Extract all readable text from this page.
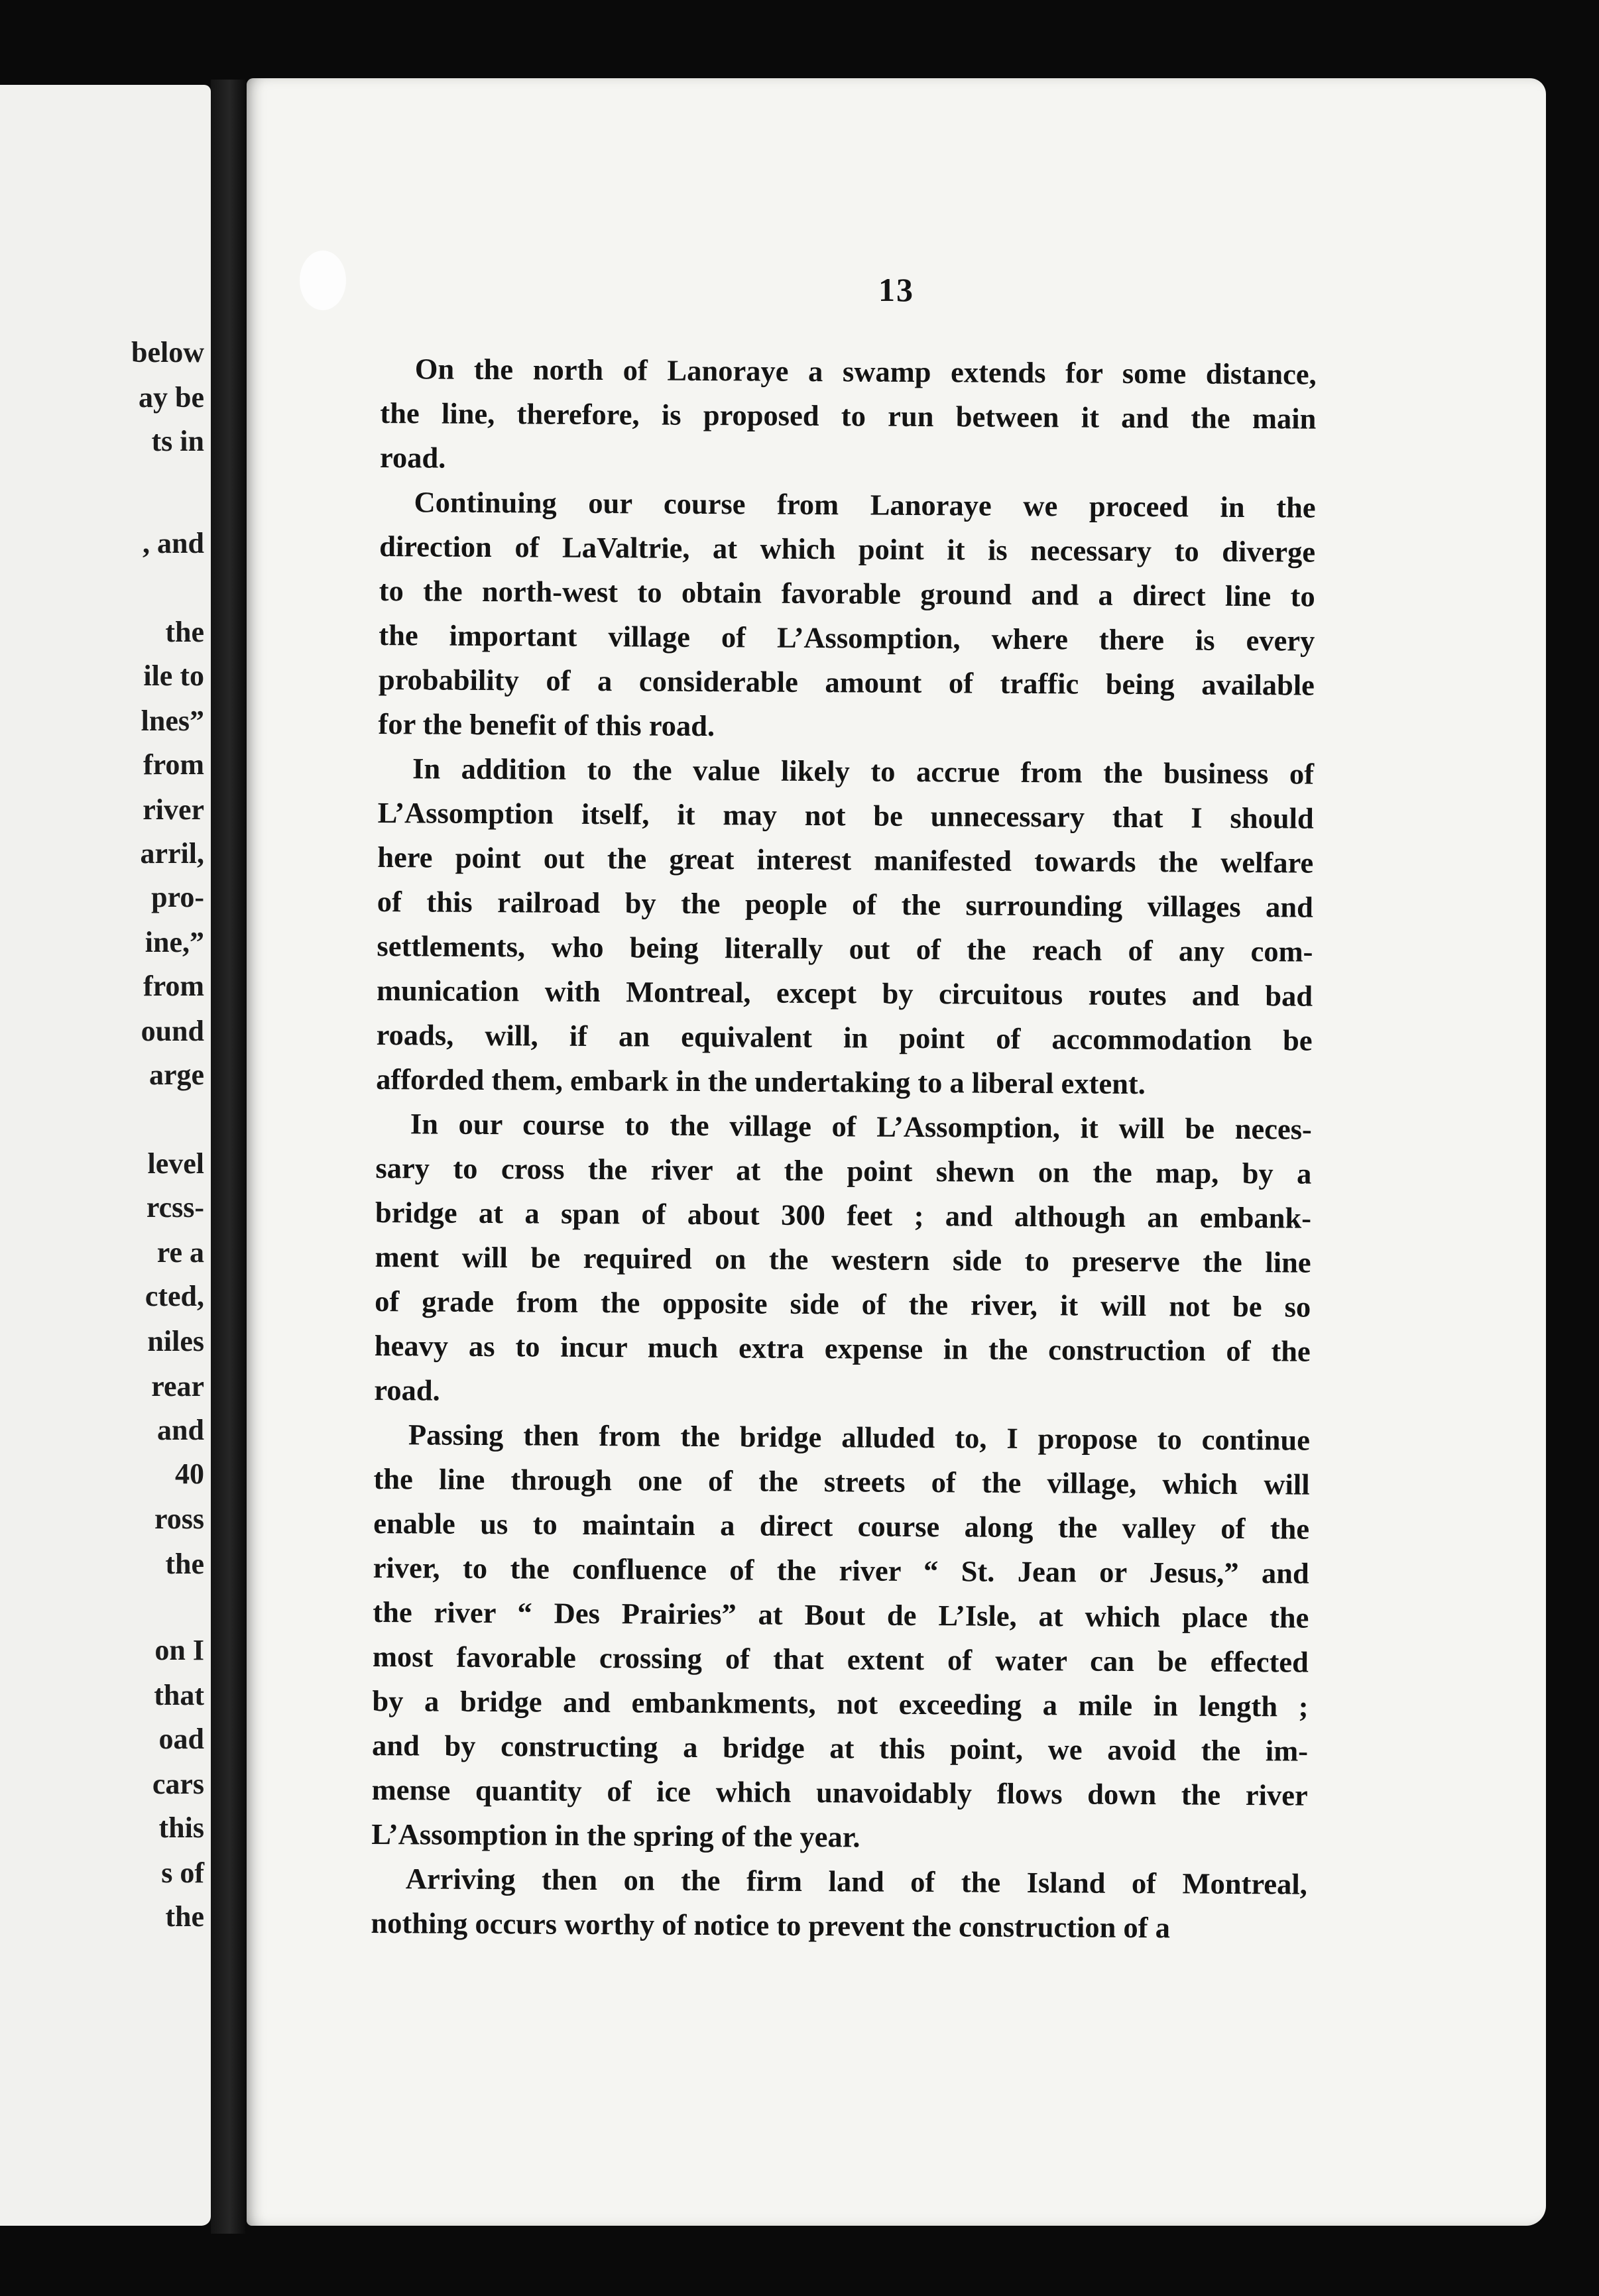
below
ay be
ts in
, and
the
ile to
lnes”
from
river
arril,
pro-
ine,”
from
ound
arge
level
rcss-
re a
cted,
niles
rear
and
40
ross
the
on I
that
oad
cars
this
s of
the
13

On the north of Lanoraye a swamp extends for some distance,
the line, therefore, is proposed to run between it and the main
road.

Continuing our course from Lanoraye we proceed in the
direction of LaValtrie, at which point it is necessary to diverge
to the north-west to obtain favorable ground and a direct line to
the important village of L’Assomption, where there is every
probability of a considerable amount of traffic being available
for the benefit of this road.

In addition to the value likely to accrue from the business of
L’Assomption itself, it may not be unnecessary that I should
here point out the great interest manifested towards the welfare
of this railroad by the people of the surrounding villages and
settlements, who being literally out of the reach of any com-
munication with Montreal, except by circuitous routes and bad
roads, will, if an equivalent in point of accommodation be
afforded them, embark in the undertaking to a liberal extent.

In our course to the village of L’Assomption, it will be neces-
sary to cross the river at the point shewn on the map, by a
bridge at a span of about 300 feet ; and although an embank-
ment will be required on the western side to preserve the line
of grade from the opposite side of the river, it will not be so
heavy as to incur much extra expense in the construction of the
road.

Passing then from the bridge alluded to, I propose to continue
the line through one of the streets of the village, which will
enable us to maintain a direct course along the valley of the
river, to the confluence of the river “ St. Jean or Jesus,” and
the river “ Des Prairies” at Bout de L’Isle, at which place the
most favorable crossing of that extent of water can be effected
by a bridge and embankments, not exceeding a mile in length ;
and by constructing a bridge at this point, we avoid the im-
mense quantity of ice which unavoidably flows down the river
L’Assomption in the spring of the year.

Arriving then on the firm land of the Island of Montreal,
nothing occurs worthy of notice to prevent the construction of a
